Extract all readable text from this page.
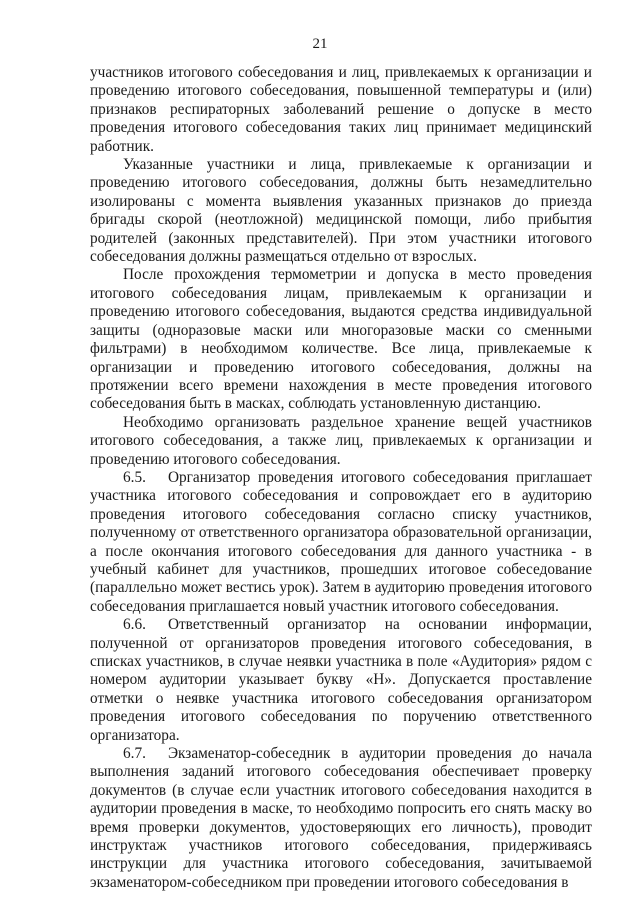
21

участников итогового собеседования и лиц, привлекаемых к организации и проведению итогового собеседования, повышенной температуры и (или) признаков респираторных заболеваний решение о допуске в место проведения итогового собеседования таких лиц принимает медицинский работник.

Указанные участники и лица, привлекаемые к организации и проведению итогового собеседования, должны быть незамедлительно изолированы с момента выявления указанных признаков до приезда бригады скорой (неотложной) медицинской помощи, либо прибытия родителей (законных представителей). При этом участники итогового собеседования должны размещаться отдельно от взрослых.

После прохождения термометрии и допуска в место проведения итогового собеседования лицам, привлекаемым к организации и проведению итогового собеседования, выдаются средства индивидуальной защиты (одноразовые маски или многоразовые маски со сменными фильтрами) в необходимом количестве. Все лица, привлекаемые к организации и проведению итогового собеседования, должны на протяжении всего времени нахождения в месте проведения итогового собеседования быть в масках, соблюдать установленную дистанцию.

Необходимо организовать раздельное хранение вещей участников итогового собеседования, а также лиц, привлекаемых к организации и проведению итогового собеседования.

6.5. Организатор проведения итогового собеседования приглашает участника итогового собеседования и сопровождает его в аудиторию проведения итогового собеседования согласно списку участников, полученному от ответственного организатора образовательной организации, а после окончания итогового собеседования для данного участника - в учебный кабинет для участников, прошедших итоговое собеседование (параллельно может вестись урок). Затем в аудиторию проведения итогового собеседования приглашается новый участник итогового собеседования.

6.6. Ответственный организатор на основании информации, полученной от организаторов проведения итогового собеседования, в списках участников, в случае неявки участника в поле «Аудитория» рядом с номером аудитории указывает букву «Н». Допускается проставление отметки о неявке участника итогового собеседования организатором проведения итогового собеседования по поручению ответственного организатора.

6.7. Экзаменатор-собеседник в аудитории проведения до начала выполнения заданий итогового собеседования обеспечивает проверку документов (в случае если участник итогового собеседования находится в аудитории проведения в маске, то необходимо попросить его снять маску во время проверки документов, удостоверяющих его личность), проводит инструктаж участников итогового собеседования, придерживаясь инструкции для участника итогового собеседования, зачитываемой экзаменатором-собеседником при проведении итогового собеседования в
